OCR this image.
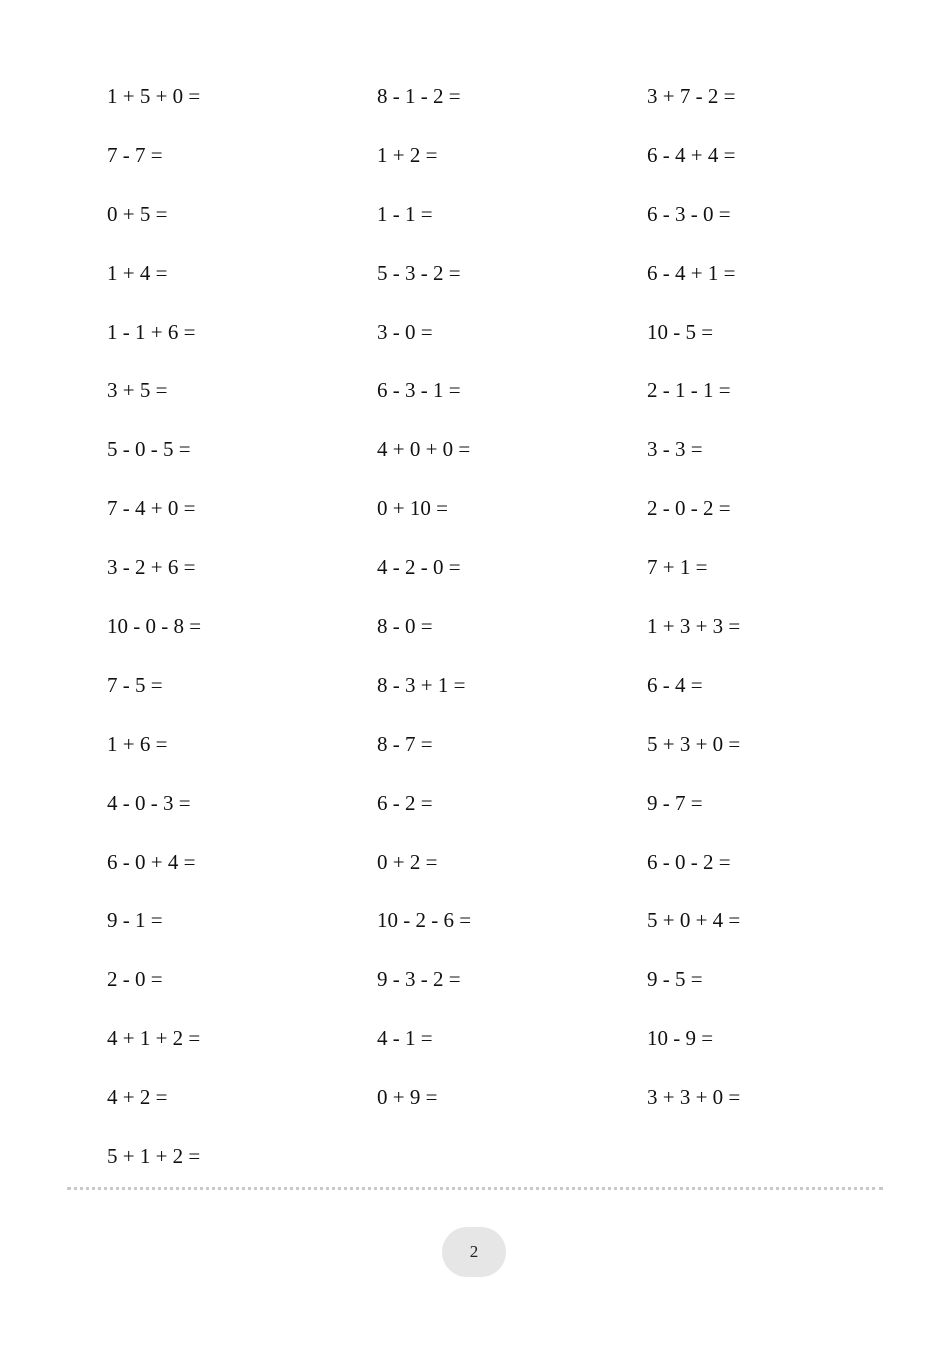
1 + 5 + 0 =
7 - 7 =
0 + 5 =
1 + 4 =
1 - 1 + 6 =
3 + 5 =
5 - 0 - 5 =
7 - 4 + 0 =
3 - 2 + 6 =
10 - 0 - 8 =
7 - 5 =
1 + 6 =
4 - 0 - 3 =
6 - 0 + 4 =
9 - 1 =
2 - 0 =
4 + 1 + 2 =
4 + 2 =
5 + 1 + 2 =
8 - 1 - 2 =
1 + 2 =
1 - 1 =
5 - 3 - 2 =
3 - 0 =
6 - 3 - 1 =
4 + 0 + 0 =
0 + 10 =
4 - 2 - 0 =
8 - 0 =
8 - 3 + 1 =
8 - 7 =
6 - 2 =
0 + 2 =
10 - 2 - 6 =
9 - 3 - 2 =
4 - 1 =
0 + 9 =
3 + 7 - 2 =
6 - 4 + 4 =
6 - 3 - 0 =
6 - 4 + 1 =
10 - 5 =
2 - 1 - 1 =
3 - 3 =
2 - 0 - 2 =
7 + 1 =
1 + 3 + 3 =
6 - 4 =
5 + 3 + 0 =
9 - 7 =
6 - 0 - 2 =
5 + 0 + 4 =
9 - 5 =
10 - 9 =
3 + 3 + 0 =
2
